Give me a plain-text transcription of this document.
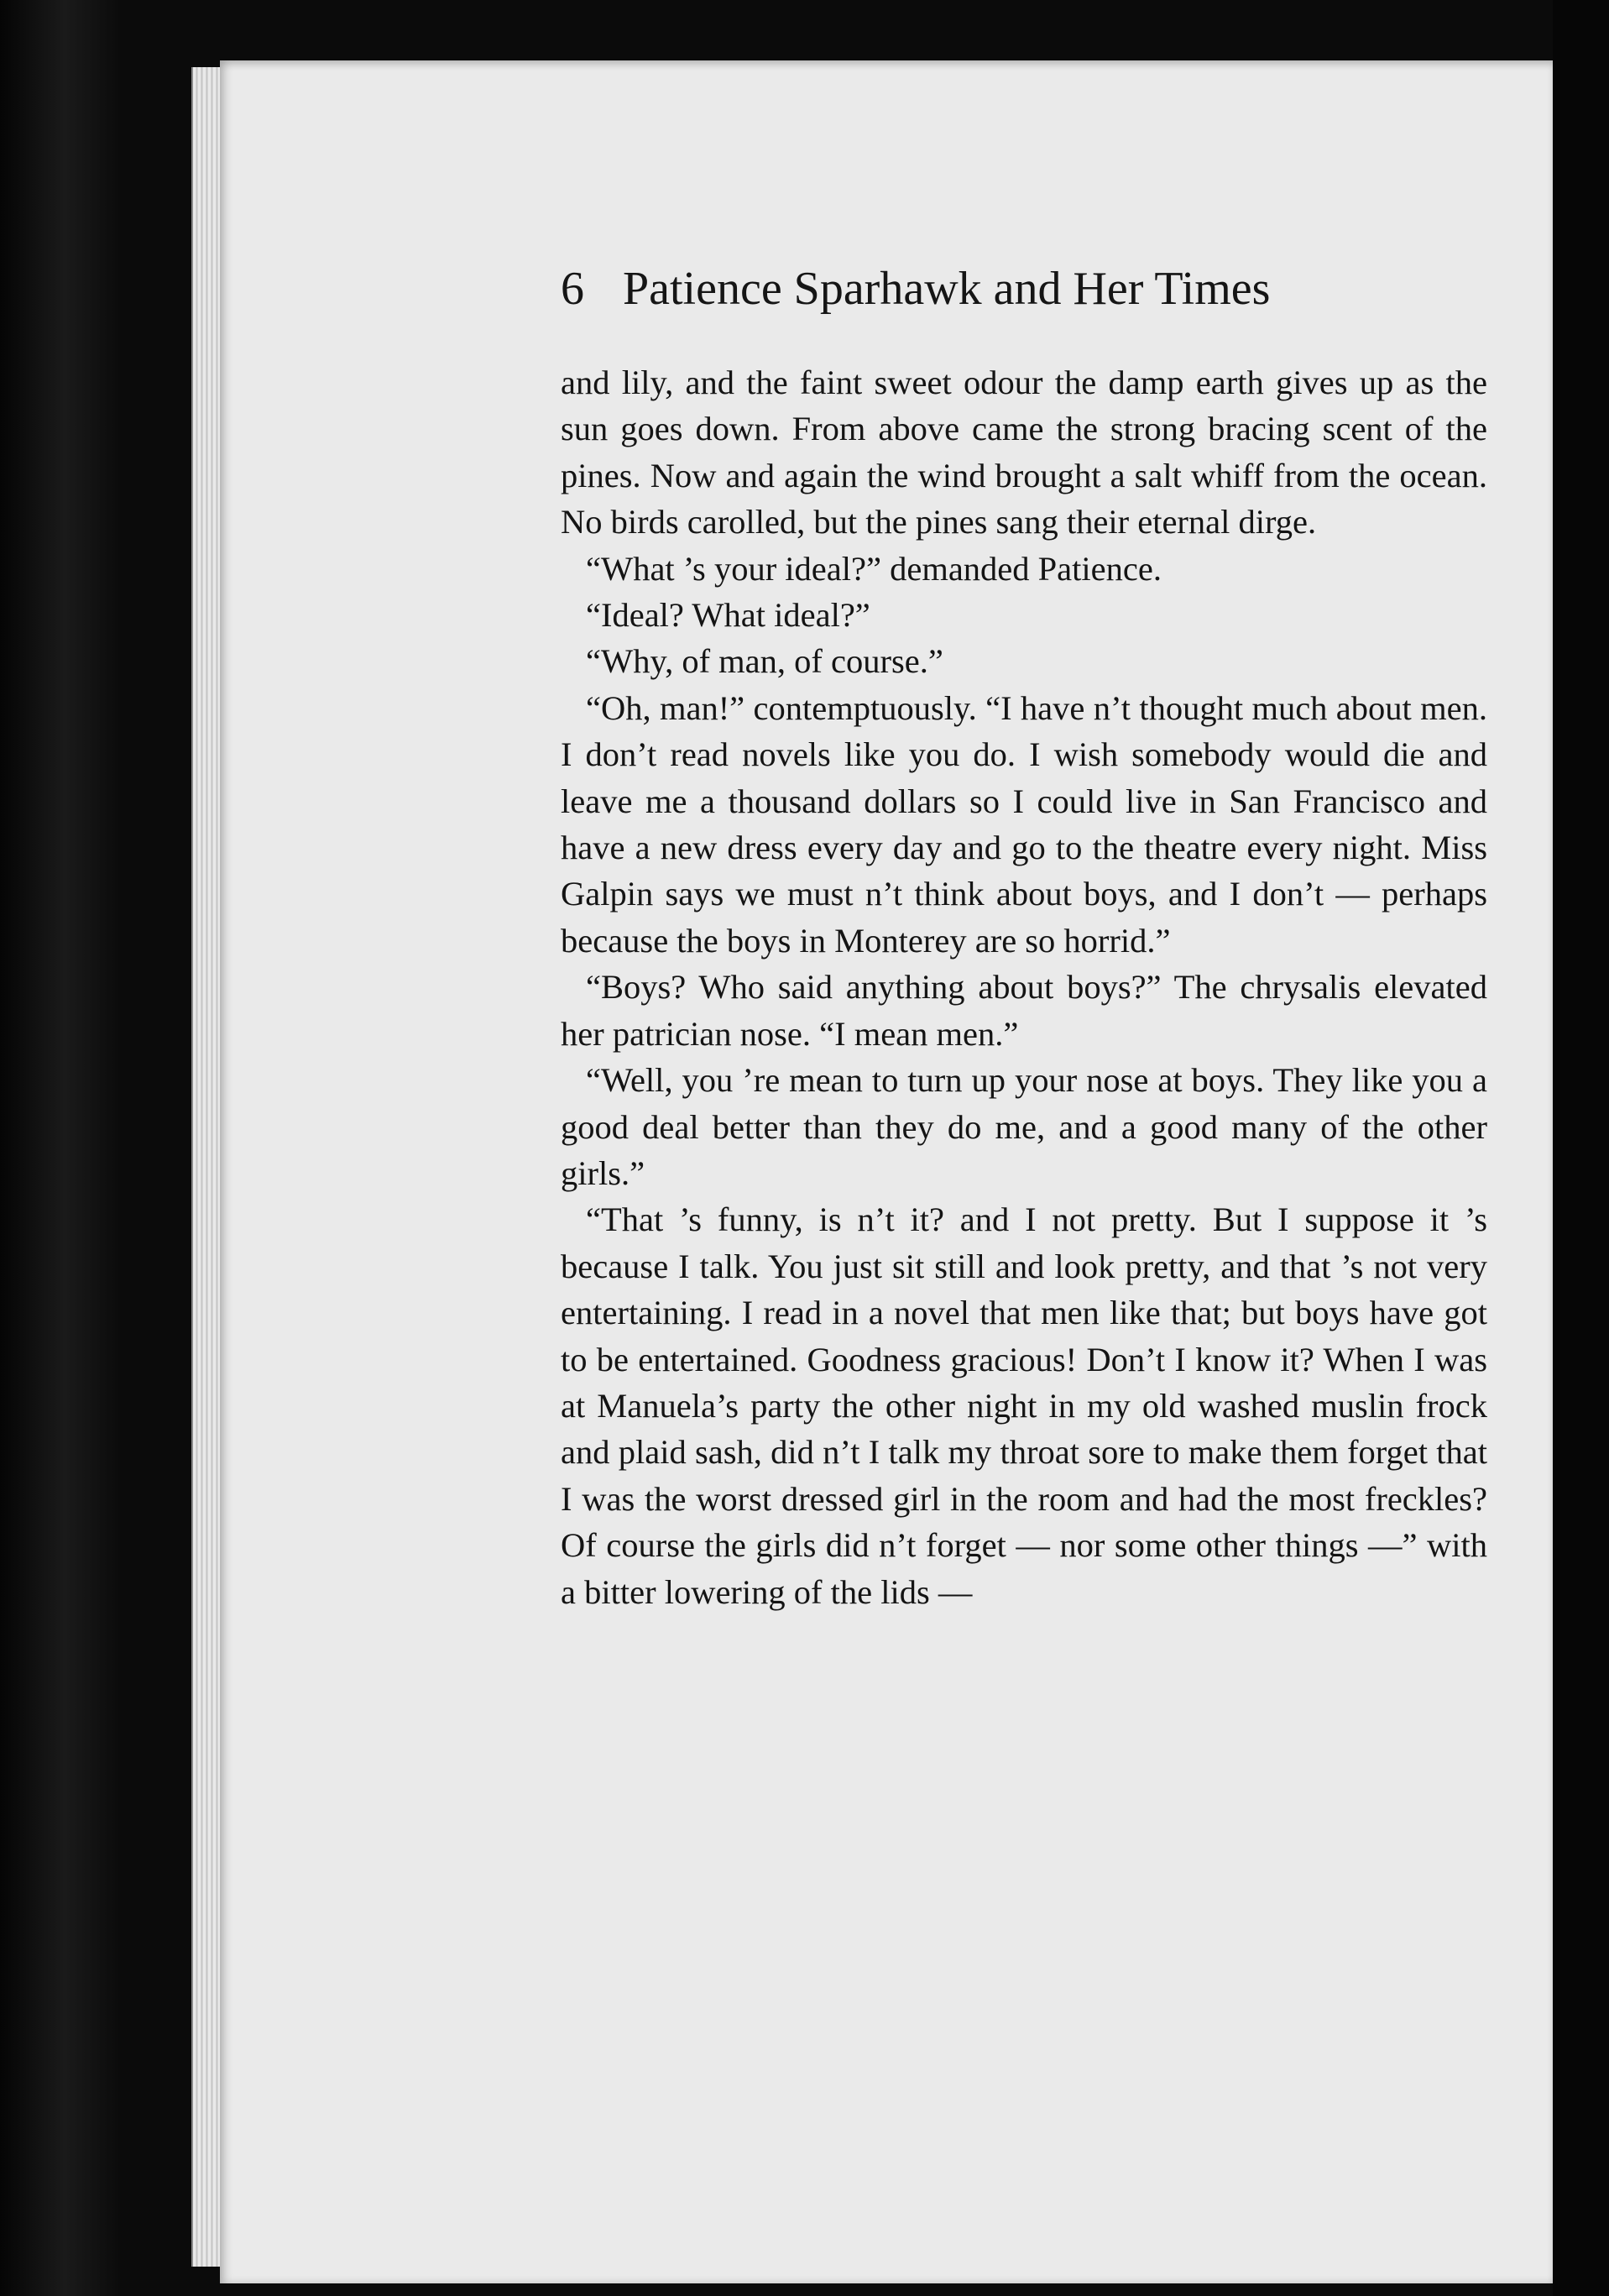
6 Patience Sparhawk and Her Times

and lily, and the faint sweet odour the damp earth gives up as the sun goes down. From above came the strong bracing scent of the pines. Now and again the wind brought a salt whiff from the ocean. No birds carolled, but the pines sang their eternal dirge.

“What ’s your ideal?” demanded Patience.

“Ideal? What ideal?”

“Why, of man, of course.”

“Oh, man!” contemptuously. “I have n’t thought much about men. I don’t read novels like you do. I wish somebody would die and leave me a thousand dollars so I could live in San Francisco and have a new dress every day and go to the theatre every night. Miss Galpin says we must n’t think about boys, and I don’t — perhaps because the boys in Monterey are so horrid.”

“Boys? Who said anything about boys?” The chrysalis elevated her patrician nose. “I mean men.”

“Well, you ’re mean to turn up your nose at boys. They like you a good deal better than they do me, and a good many of the other girls.”

“That ’s funny, is n’t it? and I not pretty. But I suppose it ’s because I talk. You just sit still and look pretty, and that ’s not very entertaining. I read in a novel that men like that; but boys have got to be entertained. Goodness gracious! Don’t I know it? When I was at Manuela’s party the other night in my old washed muslin frock and plaid sash, did n’t I talk my throat sore to make them forget that I was the worst dressed girl in the room and had the most freckles? Of course the girls did n’t forget — nor some other things —” with a bitter lowering of the lids —
